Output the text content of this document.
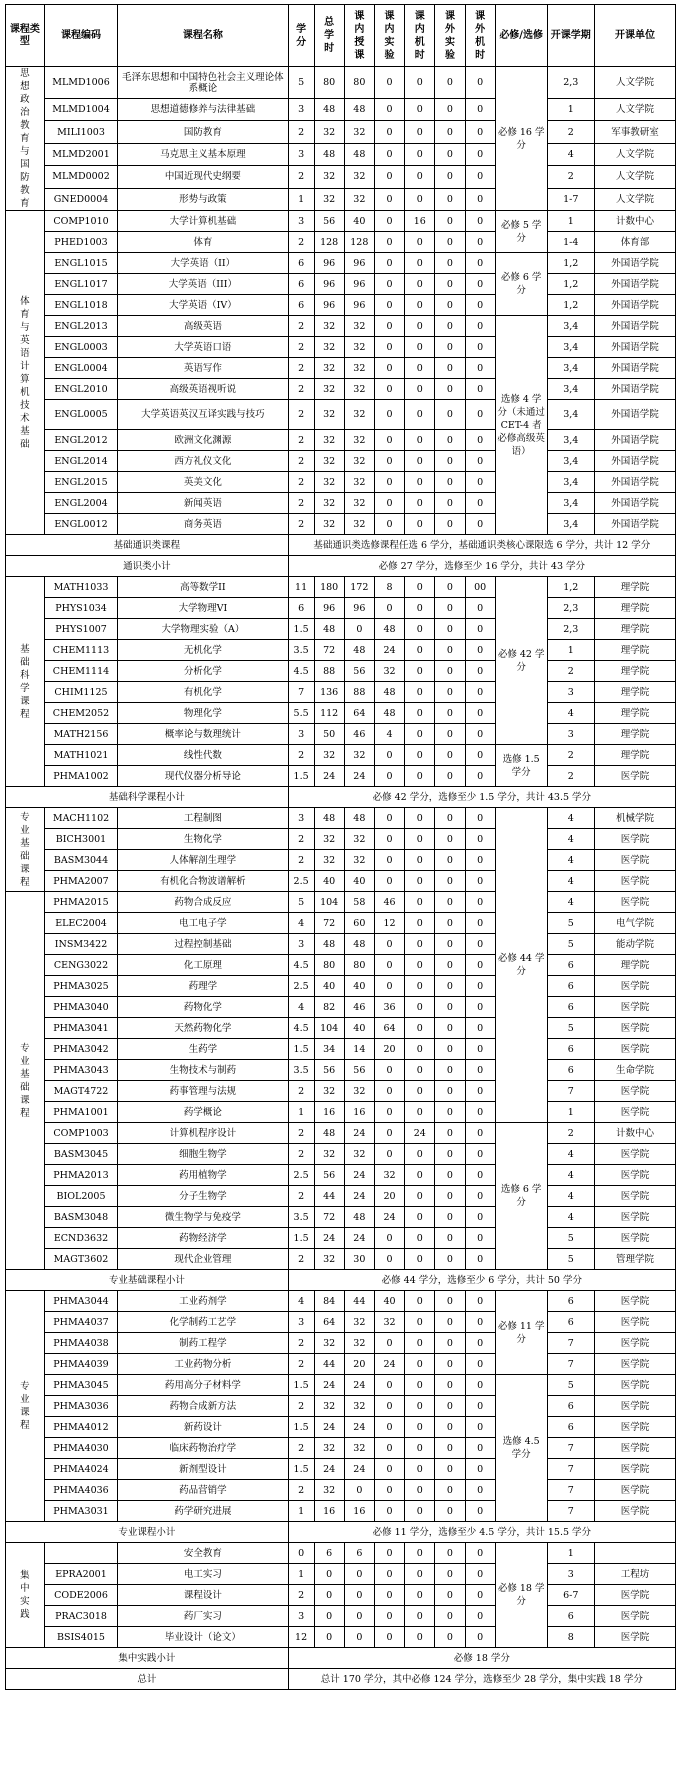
课程类型	课程编码	课程名称	学分	总学时	课内授课	课内实验	课内机时	课外实验	课外机时	必修/选修	开课学期	开课单位
思想政治教育与国防教育	MLMD1006	毛泽东思想和中国特色社会主义理论体系概论	5	80	80	0	0	0	0	必修 16 学分	2,3	人文学院
	MLMD1004	思想道德修养与法律基础	3	48	48	0	0	0	0		1	人文学院
	MILI1003	国防教育	2	32	32	0	0	0	0		2	军事教研室
	MLMD2001	马克思主义基本原理	3	48	48	0	0	0	0		4	人文学院
	MLMD0002	中国近现代史纲要	2	32	32	0	0	0	0		2	人文学院
	GNED0004	形势与政策	1	32	32	0	0	0	0		1-7	人文学院
体育与英语计算机技术基础	COMP1010	大学计算机基础	3	56	40	0	16	0	0	必修 5 学分	1	计数中心
	PHED1003	体育	2	128	128	0	0	0	0		1-4	体育部
	ENGL1015	大学英语（II）	6	96	96	0	0	0	0	必修 6 学分	1,2	外国语学院
	ENGL1017	大学英语（III）	6	96	96	0	0	0	0		1,2	外国语学院
	ENGL1018	大学英语（IV）	6	96	96	0	0	0	0		1,2	外国语学院
	ENGL2013	高级英语	2	32	32	0	0	0	0	选修 4 学分（未通过 CET-4 者必修高级英语）	3,4	外国语学院
	ENGL0003	大学英语口语	2	32	32	0	0	0	0		3,4	外国语学院
	ENGL0004	英语写作	2	32	32	0	0	0	0		3,4	外国语学院
	ENGL2010	高级英语视听说	2	32	32	0	0	0	0		3,4	外国语学院
	ENGL0005	大学英语英汉互译实践与技巧	2	32	32	0	0	0	0		3,4	外国语学院
	ENGL2012	欧洲文化渊源	2	32	32	0	0	0	0		3,4	外国语学院
	ENGL2014	西方礼仪文化	2	32	32	0	0	0	0		3,4	外国语学院
	ENGL2015	英美文化	2	32	32	0	0	0	0		3,4	外国语学院
	ENGL2004	新闻英语	2	32	32	0	0	0	0		3,4	外国语学院
	ENGL0012	商务英语	2	32	32	0	0	0	0		3,4	外国语学院
基础通识类课程			基础通识类选修课程任选 6 学分，基础通识类核心课限选 6 学分，共计 12 学分									
通识类小计			必修 27 学分，选修至少 16 学分，共计 43 学分									
基础科学课程	MATH1033	高等数学II	11	180	172	8	0	0	00	必修 42 学分	1,2	理学院
	PHYS1034	大学物理VI	6	96	96	0	0	0	0		2,3	理学院
	PHYS1007	大学物理实验（A）	1.5	48	0	48	0	0	0		2,3	理学院
	CHEM1113	无机化学	3.5	72	48	24	0	0	0		1	理学院
	CHEM1114	分析化学	4.5	88	56	32	0	0	0		2	理学院
	CHIM1125	有机化学	7	136	88	48	0	0	0		3	理学院
	CHEM2052	物理化学	5.5	112	64	48	0	0	0		4	理学院
	MATH2156	概率论与数理统计	3	50	46	4	0	0	0		3	理学院
	MATH1021	线性代数	2	32	32	0	0	0	0	选修 1.5 学分	2	理学院
	PHMA1002	现代仪器分析导论	1.5	24	24	0	0	0	0		2	医学院
基础科学课程小计			必修 42 学分，选修至少 1.5 学分，共计 43.5 学分									
专业基础课程	MACH1102	工程制图	3	48	48	0	0	0	0	必修 44 学分	4	机械学院
	BICH3001	生物化学	2	32	32	0	0	0	0		4	医学院
	BASM3044	人体解剖生理学	2	32	32	0	0	0	0		4	医学院
	PHMA2007	有机化合物波谱解析	2.5	40	40	0	0	0	0		4	医学院
专业基础课程	PHMA2015	药物合成反应	5	104	58	46	0	0	0		4	医学院
	ELEC2004	电工电子学	4	72	60	12	0	0	0		5	电气学院
	INSM3422	过程控制基础	3	48	48	0	0	0	0		5	能动学院
	CENG3022	化工原理	4.5	80	80	0	0	0	0		6	理学院
	PHMA3025	药理学	2.5	40	40	0	0	0	0		6	医学院
	PHMA3040	药物化学	4	82	46	36	0	0	0		6	医学院
	PHMA3041	天然药物化学	4.5	104	40	64	0	0	0		5	医学院
	PHMA3042	生药学	1.5	34	14	20	0	0	0		6	医学院
	PHMA3043	生物技术与制药	3.5	56	56	0	0	0	0		6	生命学院
	MAGT4722	药事管理与法规	2	32	32	0	0	0	0		7	医学院
	PHMA1001	药学概论	1	16	16	0	0	0	0		1	医学院
	COMP1003	计算机程序设计	2	48	24	0	24	0	0	选修 6 学分	2	计数中心
	BASM3045	细胞生物学	2	32	32	0	0	0	0		4	医学院
	PHMA2013	药用植物学	2.5	56	24	32	0	0	0		4	医学院
	BIOL2005	分子生物学	2	44	24	20	0	0	0		4	医学院
	BASM3048	微生物学与免疫学	3.5	72	48	24	0	0	0		4	医学院
	ECND3632	药物经济学	1.5	24	24	0	0	0	0		5	医学院
	MAGT3602	现代企业管理	2	32	30	0	0	0	0		5	管理学院
专业基础课程小计			必修 44 学分，选修至少 6 学分，共计 50 学分									
专业课程	PHMA3044	工业药剂学	4	84	44	40	0	0	0	必修 11 学分	6	医学院
	PHMA4037	化学制药工艺学	3	64	32	32	0	0	0		6	医学院
	PHMA4038	制药工程学	2	32	32	0	0	0	0		7	医学院
	PHMA4039	工业药物分析	2	44	20	24	0	0	0		7	医学院
	PHMA3045	药用高分子材料学	1.5	24	24	0	0	0	0	选修 4.5 学分	5	医学院
	PHMA3036	药物合成新方法	2	32	32	0	0	0	0		6	医学院
	PHMA4012	新药设计	1.5	24	24	0	0	0	0		6	医学院
	PHMA4030	临床药物治疗学	2	32	32	0	0	0	0		7	医学院
	PHMA4024	新剂型设计	1.5	24	24	0	0	0	0		7	医学院
	PHMA4036	药品营销学	2	32	0	0	0	0	0		7	医学院
	PHMA3031	药学研究进展	1	16	16	0	0	0	0		7	医学院
专业课程小计			必修 11 学分，选修至少 4.5 学分，共计 15.5 学分									
集中实践		安全教育	0	6	6	0	0	0	0	必修 18 学分	1	
	EPRA2001	电工实习	1	0	0	0	0	0	0		3	工程坊
	CODE2006	课程设计	2	0	0	0	0	0	0		6-7	医学院
	PRAC3018	药厂实习	3	0	0	0	0	0	0		6	医学院
	BSIS4015	毕业设计（论文）	12	0	0	0	0	0	0		8	医学院
集中实践小计			必修 18 学分									
总计			总计 170 学分，其中必修 124 学分，选修至少 28 学分，集中实践 18 学分									
